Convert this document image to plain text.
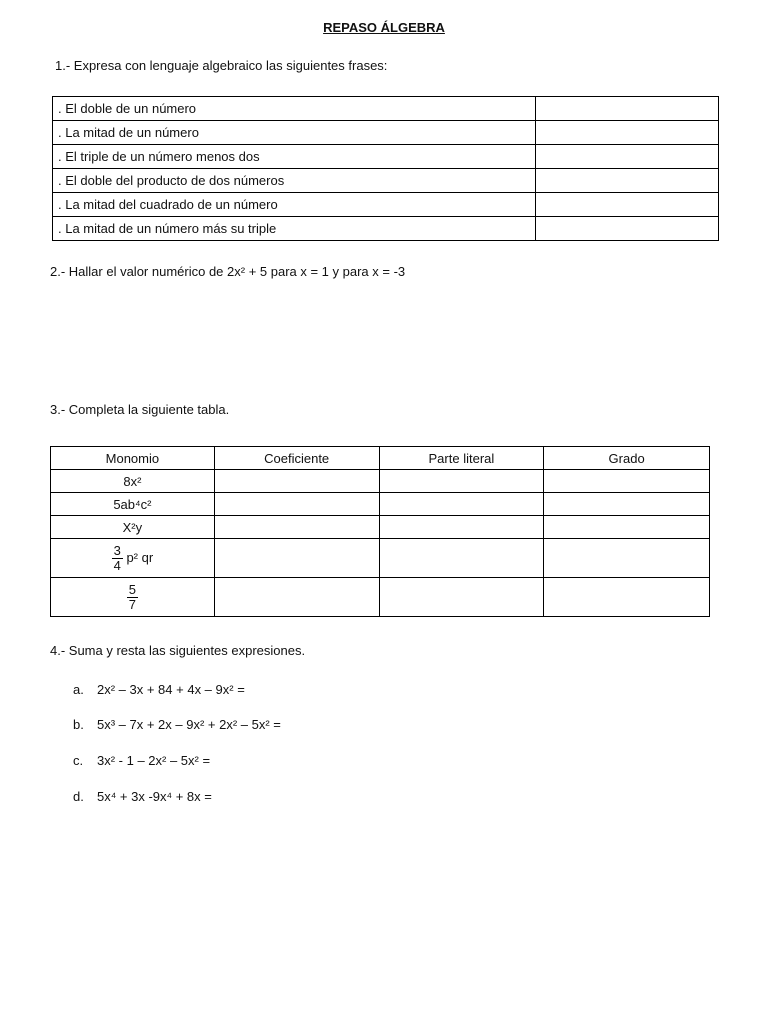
REPASO ÁLGEBRA
1.- Expresa con lenguaje algebraico las siguientes frases:
. El doble de un número	
. La mitad de un número	
. El triple de un número menos dos	
. El doble del producto de dos números	
. La mitad del cuadrado de un número	
. La mitad de un número más su triple	
2.- Hallar el valor numérico de 2x² + 5 para x = 1 y para x = -3
3.- Completa la siguiente tabla.
Monomio	Coeficiente	Parte literal	Grado
8x²			
5ab⁴c²			
X²y			

$\frac{3}{4} p^2$ qr			

$\frac{5}{7}$

4.- Suma y resta las siguientes expresiones.
a. 2x² – 3x + 84 + 4x – 9x² =
b. 5x³ – 7x + 2x – 9x² + 2x² – 5x² =
c. 3x² - 1 – 2x² – 5x² =
d. 5x⁴ + 3x -9x⁴ + 8x =
